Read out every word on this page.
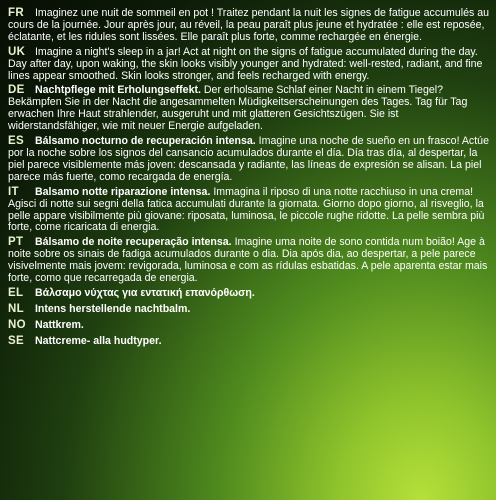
FR Imaginez une nuit de sommeil en pot ! Traitez pendant la nuit les signes de fatigue accumulés au cours de la journée. Jour après jour, au réveil, la peau paraît plus jeune et hydratée : elle est reposée, éclatante, et les ridules sont lissées. Elle paraît plus forte, comme rechargée en énergie.
UK Imagine a night's sleep in a jar! Act at night on the signs of fatigue accumulated during the day. Day after day, upon waking, the skin looks visibly younger and hydrated: well-rested, radiant, and fine lines appear smoothed. Skin looks stronger, and feels recharged with energy.
DE Nachtpflege mit Erholungseffekt. Der erholsame Schlaf einer Nacht in einem Tiegel? Bekämpfen Sie in der Nacht die angesammelten Müdigkeitserscheinungen des Tages. Tag für Tag erwachen Ihre Haut strahlender, ausgeruht und mit glatteren Gesichtszügen. Sie ist widerstandsfähiger, wie mit neuer Energie aufgeladen.
ES Bálsamo nocturno de recuperación intensa. Imagine una noche de sueño en un frasco! Actúe por la noche sobre los signos del cansancio acumulados durante el día. Día tras día, al despertar, la piel parece visiblemente más joven: descansada y radiante, las líneas de expresión se alisan. La piel parece más fuerte, como recargada de energía.
IT Balsamo notte riparazione intensa. Immagina il riposo di una notte racchiuso in una crema! Agisci di notte sui segni della fatica accumulati durante la giornata. Giorno dopo giorno, al risveglio, la pelle appare visibilmente più giovane: riposata, luminosa, le piccole rughe ridotte. La pelle sembra più forte, come ricaricata di energia.
PT Bálsamo de noite recuperação intensa. Imagine uma noite de sono contida num boião! Age à noite sobre os sinais de fadiga acumulados durante o dia. Dia após dia, ao despertar, a pele parece visivelmente mais jovem: revigorada, luminosa e com as rídulas esbatidas. A pele aparenta estar mais forte, como que recarregada de energia.
EL Βάλσαμο νύχτας για εντατική επανόρθωση.
NL Intens herstellende nachtbalm.
NO Nattkrem.
SE Nattcreme- alla hudtyper.
